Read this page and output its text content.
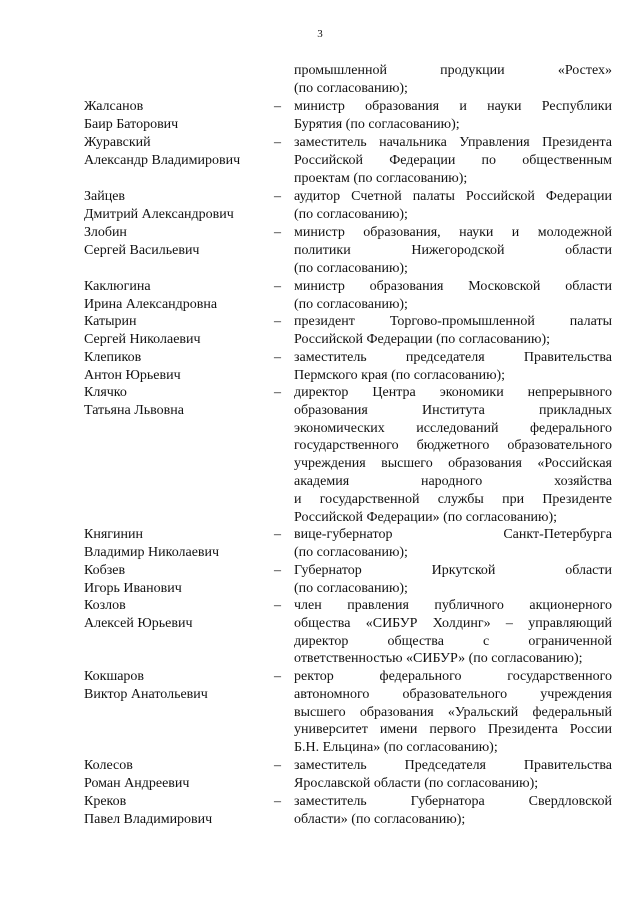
3
промышленной продукции «Ростех»
(по согласованию);
Жалсанов
Баир Баторович
– министр образования и науки Республики
Бурятия (по согласованию);
Журавский
Александр Владимирович
– заместитель начальника Управления Президента
Российской Федерации по общественным
проектам (по согласованию);
Зайцев
Дмитрий Александрович
– аудитор Счетной палаты Российской Федерации
(по согласованию);
Злобин
Сергей Васильевич
– министр образования, науки и молодежной
политики Нижегородской области
(по согласованию);
Каклюгина
Ирина Александровна
– министр образования Московской области
(по согласованию);
Катырин
Сергей Николаевич
– президент Торгово-промышленной палаты
Российской Федерации (по согласованию);
Клепиков
Антон Юрьевич
– заместитель председателя Правительства
Пермского края (по согласованию);
Клячко
Татьяна Львовна
– директор Центра экономики непрерывного
образования Института прикладных
экономических исследований федерального
государственного бюджетного образовательного
учреждения высшего образования «Российская
академия народного хозяйства
и государственной службы при Президенте
Российской Федерации» (по согласованию);
Княгинин
Владимир Николаевич
– вице-губернатор Санкт-Петербурга
(по согласованию);
Кобзев
Игорь Иванович
– Губернатор Иркутской области
(по согласованию);
Козлов
Алексей Юрьевич
– член правления публичного акционерного
общества «СИБУР Холдинг» – управляющий
директор общества с ограниченной
ответственностью «СИБУР» (по согласованию);
Кокшаров
Виктор Анатольевич
– ректор федерального государственного
автономного образовательного учреждения
высшего образования «Уральский федеральный
университет имени первого Президента России
Б.Н. Ельцина» (по согласованию);
Колесов
Роман Андреевич
– заместитель Председателя Правительства
Ярославской области (по согласованию);
Креков
Павел Владимирович
– заместитель Губернатора Свердловской
области» (по согласованию);
